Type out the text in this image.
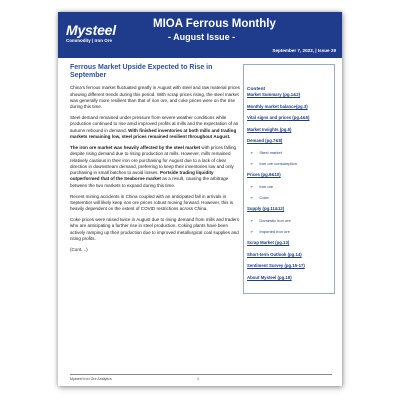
Mysteel
Commodity | Iron Ore
MIOA Ferrous Monthly
- August Issue -
September 7, 2022, | Issue 29
Ferrous Market Upside Expected to Rise in September
China's ferrous market fluctuated greatly in August with steel and raw material prices showing different trends during this period. With scrap prices rising, the steel market was generally more resilient than that of iron ore, and coke prices were on the rise during this time.
Steel demand remained under pressure from severe weather conditions while production continued to rise amid improved profits at mills and the expectation of an autumn rebound in demand. With finished inventories at both mills and trading markets remaining low, steel prices remained resilient throughout August.
The iron ore market was heavily affected by the steel market with prices falling despite rising demand due to rising production at mills. However, mills remained relatively cautious in their iron ore purchasing for August due to a lack of clear direction in downstream demand, preferring to keep their inventories low and only purchasing in small batches to avoid losses. Portside trading liquidity outperformed that of the Seaborne market as a result, causing the arbitrage between the two markets to expand during this time.
Recent mining accidents in China coupled with an anticipated fall in arrivals in September will likely keep iron ore prices robust moving forward. However, this is heavily dependent on the extent of COVID restrictions across China.
Coke prices were raised twice in August due to rising demand from mills and traders who are anticipating a further rise in steel production. Coking plants have been actively ramping up their production due to improved metallurgical coal supplies and rising profits.
(Cont....)
Content
Market Summary (pg.1&2)
Monthly market balance(pg.3)
Vital signs and prices (pg.4&5)
Market Insights (pg.6)
Demand (pg.7&8)
➢ Steel market
➢ Iron ore consumption
Prices (pg.9&10)
➢ Iron ore
➢ Coke
Supply (pg.11&12)
➢ Domestic iron ore
➢ Imported iron ore
Scrap Market (pg.13)
Short-term Outlook (pg.14)
Sentiment Survey (pg.15-17)
About Mysteel (pg.18)
Mysteel Iron Ore Analytics	1
